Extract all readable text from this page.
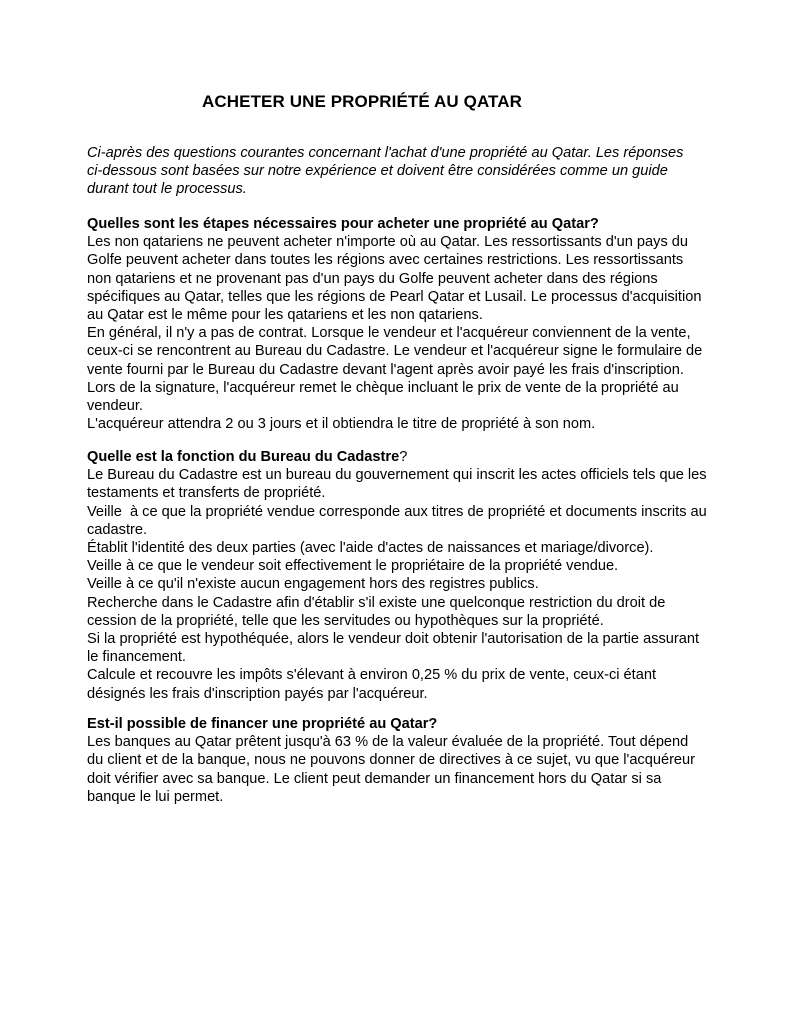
ACHETER UNE PROPRIÉTÉ AU QATAR

Ci-après des questions courantes concernant l'achat d'une propriété au Qatar. Les réponses ci-dessous sont basées sur notre expérience et doivent être considérées comme un guide durant tout le processus.

Quelles sont les étapes nécessaires pour acheter une propriété au Qatar?

Les non qatariens ne peuvent acheter n'importe où au Qatar. Les ressortissants d'un pays du Golfe peuvent acheter dans toutes les régions avec certaines restrictions. Les ressortissants non qatariens et ne provenant pas d'un pays du Golfe peuvent acheter dans des régions spécifiques au Qatar, telles que les régions de Pearl Qatar et Lusail. Le processus d'acquisition au Qatar est le même pour les qatariens et les non qatariens.

En général, il n'y a pas de contrat. Lorsque le vendeur et l'acquéreur conviennent de la vente, ceux-ci se rencontrent au Bureau du Cadastre. Le vendeur et l'acquéreur signe le formulaire de vente fourni par le Bureau du Cadastre devant l'agent après avoir payé les frais d'inscription. Lors de la signature, l'acquéreur remet le chèque incluant le prix de vente de la propriété au vendeur.

L'acquéreur attendra 2 ou 3 jours et il obtiendra le titre de propriété à son nom.

Quelle est la fonction du Bureau du Cadastre?

Le Bureau du Cadastre est un bureau du gouvernement qui inscrit les actes officiels tels que les testaments et transferts de propriété.

Veille  à ce que la propriété vendue corresponde aux titres de propriété et documents inscrits au cadastre.

Établit l'identité des deux parties (avec l'aide d'actes de naissances et mariage/divorce).

Veille à ce que le vendeur soit effectivement le propriétaire de la propriété vendue.

Veille à ce qu'il n'existe aucun engagement hors des registres publics.

Recherche dans le Cadastre afin d'établir s'il existe une quelconque restriction du droit de cession de la propriété, telle que les servitudes ou hypothèques sur la propriété.

Si la propriété est hypothéquée, alors le vendeur doit obtenir l'autorisation de la partie assurant le financement.

Calcule et recouvre les impôts s'élevant à environ 0,25 % du prix de vente, ceux-ci étant désignés les frais d'inscription payés par l'acquéreur.

Est-il possible de financer une propriété au Qatar?

Les banques au Qatar prêtent jusqu'à 63 % de la valeur évaluée de la propriété. Tout dépend du client et de la banque, nous ne pouvons donner de directives à ce sujet, vu que l'acquéreur doit vérifier avec sa banque. Le client peut demander un financement hors du Qatar si sa banque le lui permet.
